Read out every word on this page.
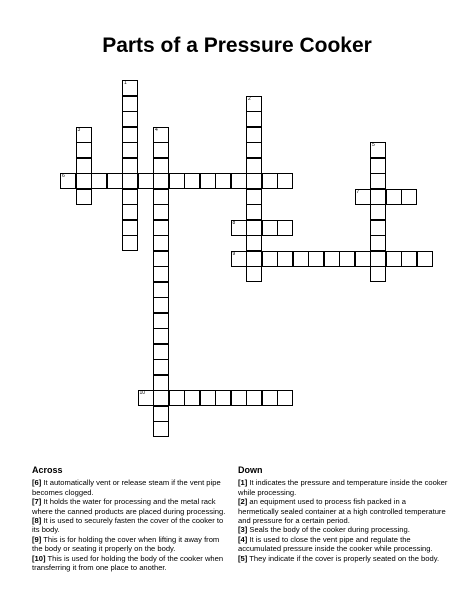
Parts of a Pressure Cooker
1
2
3	4
5
6
7
8
9
10
Across
[6] It automatically vent or release steam if the vent pipe becomes clogged.
[7] It holds the water for processing and the metal rack where the canned products are placed during processing.
[8] It is used to securely fasten the cover of the cooker to its body.
[9] This is for holding the cover when lifting it away from the body or seating it properly on the body.
[10] This is used for holding the body of the cooker when transferring it from one place to another.
Down
[1] It indicates the pressure and temperature inside the cooker while processing.
[2] an equipment used to process fish packed in a hermetically sealed container at a high controlled temperature and pressure for a certain period.
[3] Seals the body of the cooker during processing.
[4] It is used to close the vent pipe and regulate the accumulated pressure inside the cooker while processing.
[5] They indicate if the cover is properly seated on the body.
